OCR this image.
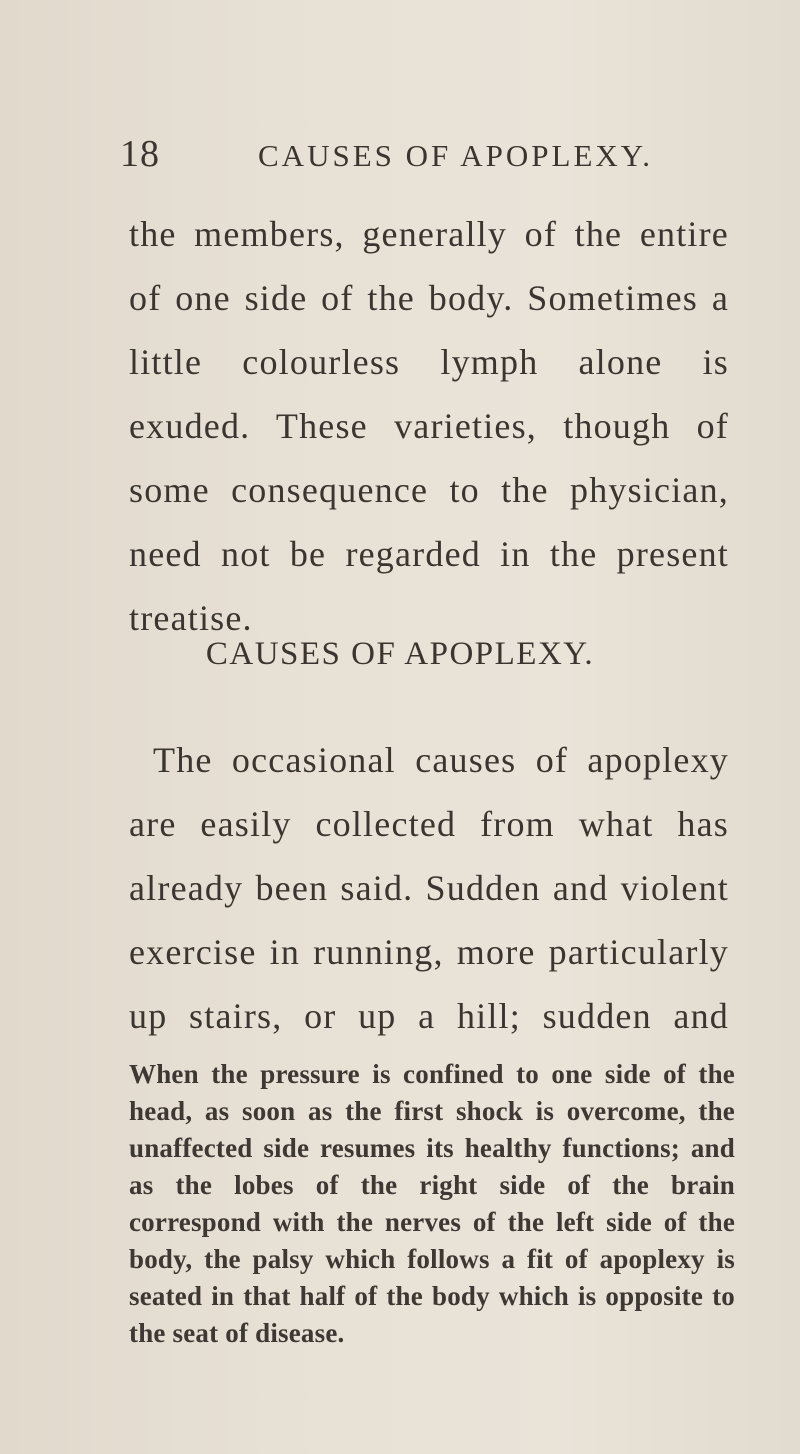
18	CAUSES OF APOPLEXY.

the members, generally of the entire of one side of the body. Sometimes a little colourless lymph alone is exuded. These varieties, though of some consequence to the physician, need not be regarded in the present treatise.

CAUSES OF APOPLEXY.

The occasional causes of apoplexy are easily collected from what has already been said. Sudden and violent exercise in running, more particularly up stairs, or up a hill; sudden and

When the pressure is confined to one side of the head, as soon as the first shock is overcome, the unaffected side resumes its healthy functions; and as the lobes of the right side of the brain correspond with the nerves of the left side of the body, the palsy which follows a fit of apoplexy is seated in that half of the body which is opposite to the seat of disease.
